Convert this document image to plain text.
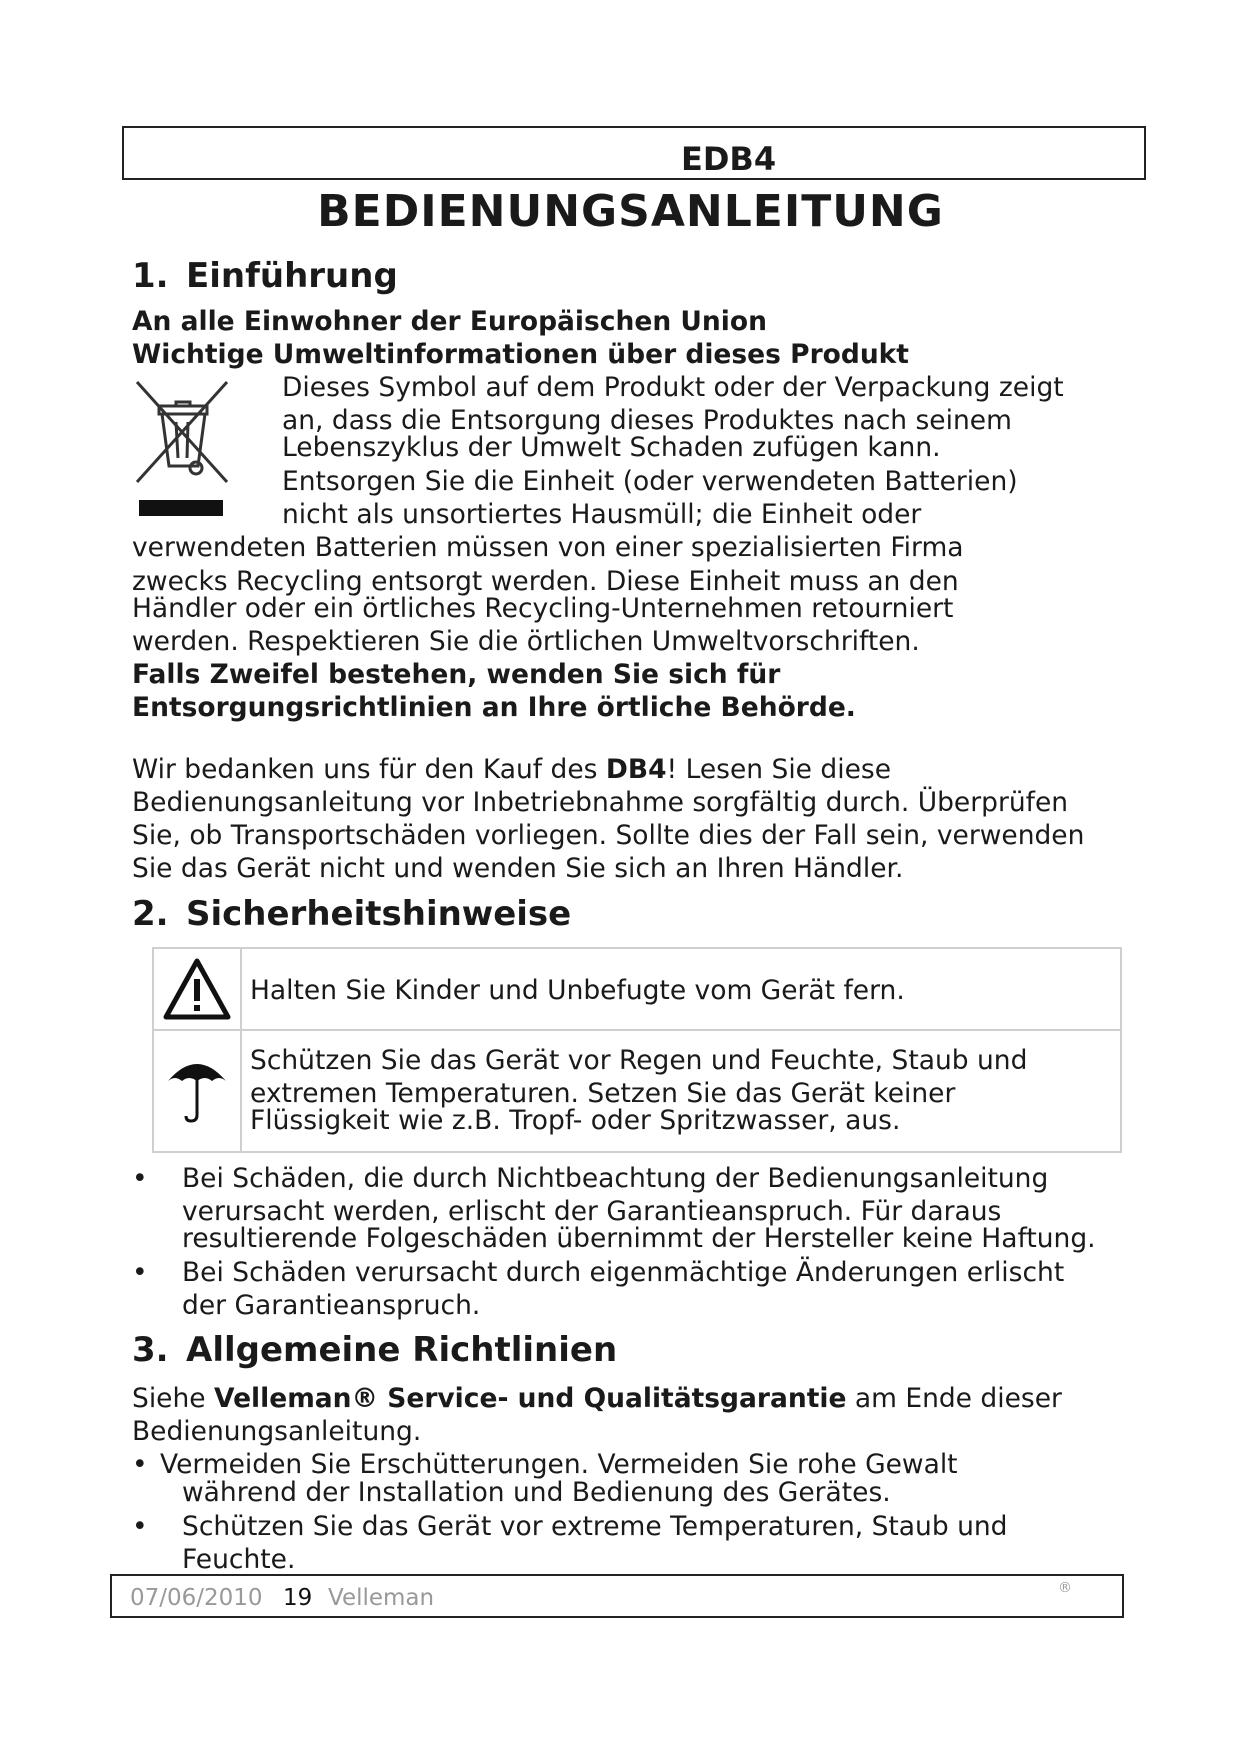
EDB4
BEDIENUNGSANLEITUNG
1. Einführung
An alle Einwohner der Europäischen Union
Wichtige Umweltinformationen über dieses Produkt
Dieses Symbol auf dem Produkt oder der Verpackung zeigt
an, dass die Entsorgung dieses Produktes nach seinem
Lebenszyklus der Umwelt Schaden zufügen kann.
Entsorgen Sie die Einheit (oder verwendeten Batterien)
nicht als unsortiertes Hausmüll; die Einheit oder
verwendeten Batterien müssen von einer spezialisierten Firma
zwecks Recycling entsorgt werden. Diese Einheit muss an den
Händler oder ein örtliches Recycling-Unternehmen retourniert
werden. Respektieren Sie die örtlichen Umweltvorschriften.
Falls Zweifel bestehen, wenden Sie sich für
Entsorgungsrichtlinien an Ihre örtliche Behörde.
Wir bedanken uns für den Kauf des DB4! Lesen Sie diese
Bedienungsanleitung vor Inbetriebnahme sorgfältig durch. Überprüfen
Sie, ob Transportschäden vorliegen. Sollte dies der Fall sein, verwenden
Sie das Gerät nicht und wenden Sie sich an Ihren Händler.
2. Sicherheitshinweise
Halten Sie Kinder und Unbefugte vom Gerät fern.
Schützen Sie das Gerät vor Regen und Feuchte, Staub und
extremen Temperaturen. Setzen Sie das Gerät keiner
Flüssigkeit wie z.B. Tropf- oder Spritzwasser, aus.
• Bei Schäden, die durch Nichtbeachtung der Bedienungsanleitung
verursacht werden, erlischt der Garantieanspruch. Für daraus
resultierende Folgeschäden übernimmt der Hersteller keine Haftung.
• Bei Schäden verursacht durch eigenmächtige Änderungen erlischt
der Garantieanspruch.
3. Allgemeine Richtlinien
Siehe Velleman® Service- und Qualitätsgarantie am Ende dieser
Bedienungsanleitung.
• Vermeiden Sie Erschütterungen. Vermeiden Sie rohe Gewalt
während der Installation und Bedienung des Gerätes.
• Schützen Sie das Gerät vor extreme Temperaturen, Staub und
Feuchte.
07/06/2010 19 Velleman	®
